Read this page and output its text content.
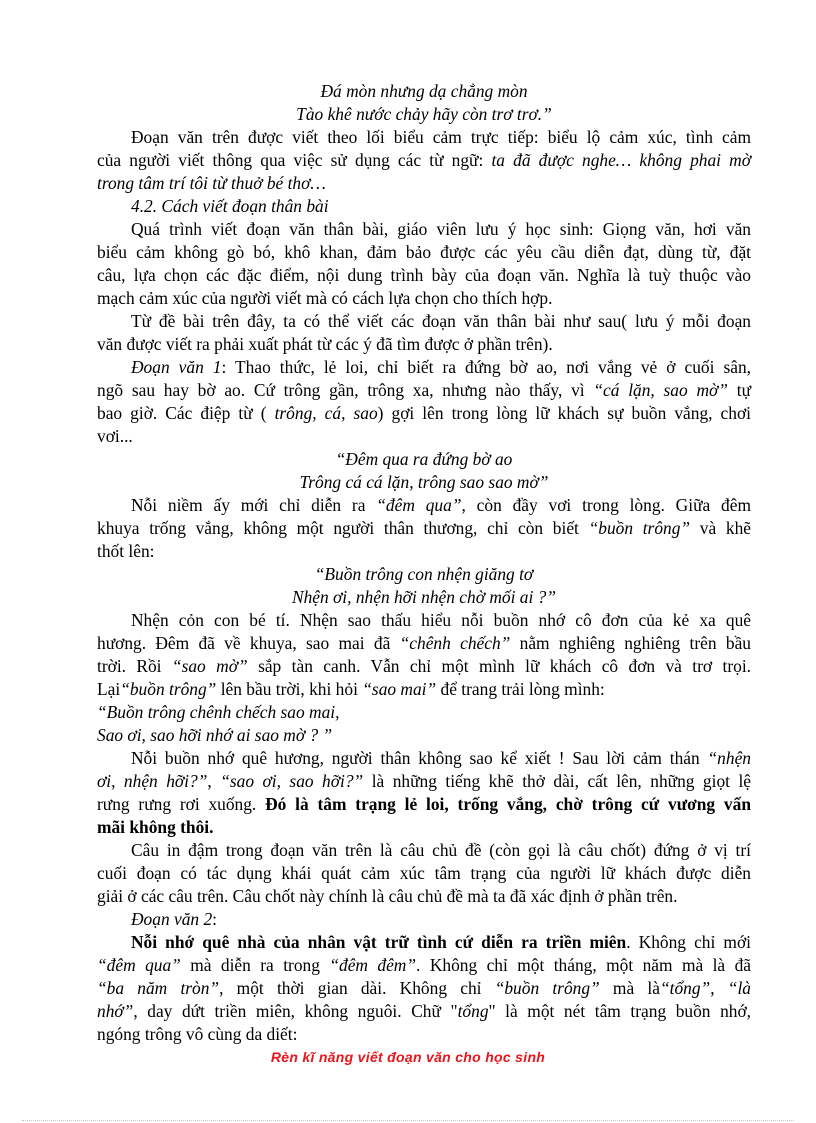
Đá mòn nhưng dạ chẳng mòn
Tào khê nước chảy hãy còn trơ trơ.”
Đoạn văn trên được viết theo lối biểu cảm trực tiếp: biểu lộ cảm xúc, tình cảm
của người viết thông qua việc sử dụng các từ ngữ: ta đã được nghe… không phai mờ
trong tâm trí tôi từ thuở bé thơ…
4.2. Cách viết đoạn thân bài
Quá trình viết đoạn văn thân bài, giáo viên lưu ý học sinh: Giọng văn, hơi văn
biểu cảm không gò bó, khô khan, đảm bảo được các yêu cầu diễn đạt, dùng từ, đặt
câu, lựa chọn các đặc điểm, nội dung trình bày của đoạn văn. Nghĩa là tuỳ thuộc vào
mạch cảm xúc của người viết mà có cách lựa chọn cho thích hợp.
Từ đề bài trên đây, ta có thể viết các đoạn văn thân bài như sau( lưu ý mỗi đoạn
văn được viết ra phải xuất phát từ các ý đã tìm được ở phần trên).
Đoạn văn 1: Thao thức, lẻ loi, chỉ biết ra đứng bờ ao, nơi vắng vẻ ở cuối sân,
ngõ sau hay bờ ao. Cứ trông gần, trông xa, nhưng nào thấy, vì “cá lặn, sao mờ” tự
bao giờ. Các điệp từ ( trông, cá, sao) gợi lên trong lòng lữ khách sự buồn vắng, chơi
vơi...
“Đêm qua ra đứng bờ ao
Trông cá cá lặn, trông sao sao mờ”
Nỗi niềm ấy mới chỉ diễn ra “đêm qua”, còn đầy vơi trong lòng. Giữa đêm
khuya trống vắng, không một người thân thương, chỉ còn biết “buồn trông” và khẽ
thốt lên:
“Buồn trông con nhện giăng tơ
Nhện ơi, nhện hỡi nhện chờ mối ai ?”
Nhện cỏn con bé tí. Nhện sao thấu hiểu nỗi buồn nhớ cô đơn của kẻ xa quê
hương. Đêm đã về khuya, sao mai đã “chênh chếch” nằm nghiêng nghiêng trên bầu
trời. Rồi “sao mờ” sắp tàn canh. Vẫn chỉ một mình lữ khách cô đơn và trơ trọi.
Lại“buồn trông” lên bầu trời, khi hỏi “sao mai” để trang trải lòng mình:
“Buồn trông chênh chếch sao mai,
Sao ơi, sao hỡi nhớ ai sao mờ ? ”
Nỗi buồn nhớ quê hương, người thân không sao kể xiết ! Sau lời cảm thán “nhện
ơi, nhện hỡi?”, “sao ơi, sao hỡi?” là những tiếng khẽ thở dài, cất lên, những giọt lệ
rưng rưng rơi xuống. Đó là tâm trạng lẻ loi, trống vắng, chờ trông cứ vương vấn
mãi không thôi.
Câu in đậm trong đoạn văn trên là câu chủ đề (còn gọi là câu chốt) đứng ở vị trí
cuối đoạn có tác dụng khái quát cảm xúc tâm trạng của người lữ khách được diễn
giải ở các câu trên. Câu chốt này chính là câu chủ đề mà ta đã xác định ở phần trên.
Đoạn văn 2:
Nỗi nhớ quê nhà của nhân vật trữ tình cứ diễn ra triền miên. Không chỉ mới
“đêm qua” mà diễn ra trong “đêm đêm”. Không chỉ một tháng, một năm mà là đã
“ba năm tròn”, một thời gian dài. Không chỉ “buồn trông” mà là“tổng”, “là
nhớ”, day dứt triền miên, không nguôi. Chữ "tổng" là một nét tâm trạng buồn nhớ,
ngóng trông vô cùng da diết:
Rèn kĩ năng viết đoạn văn cho học sinh
